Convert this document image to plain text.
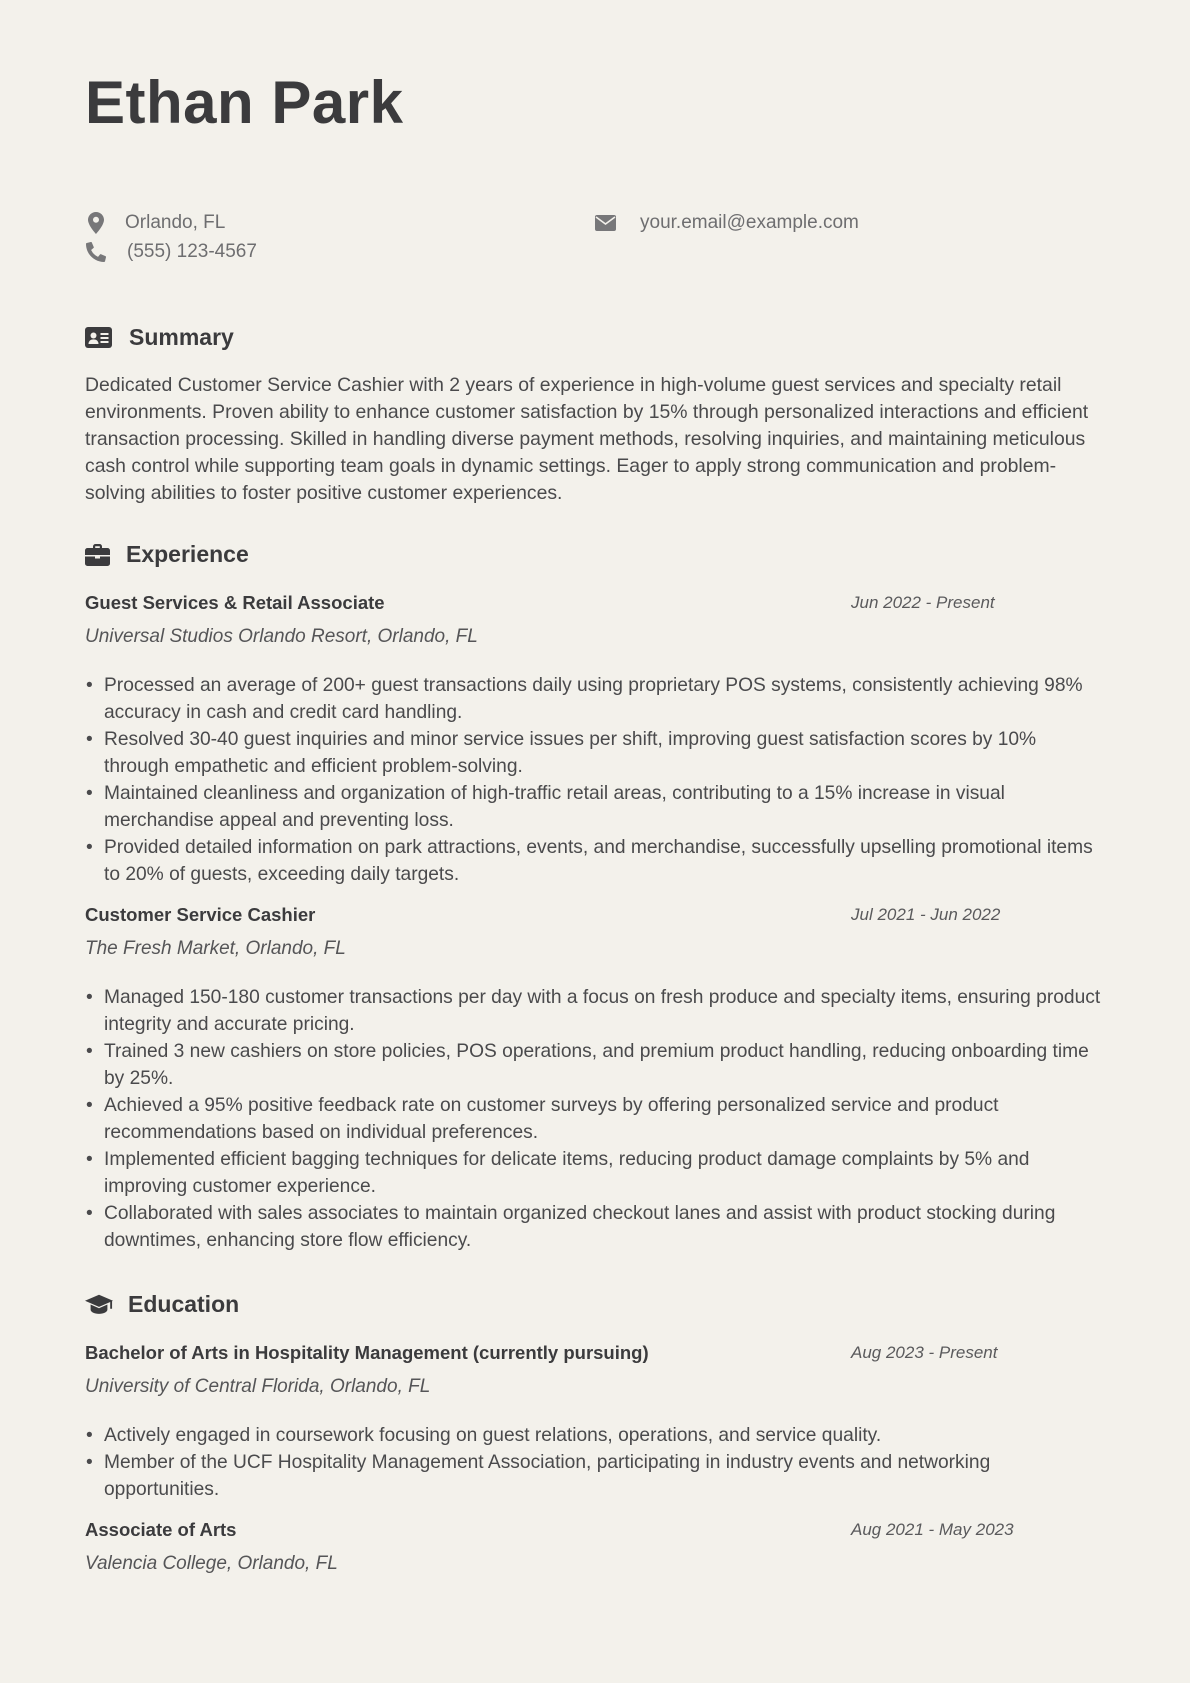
Ethan Park
Orlando, FL
(555) 123-4567
your.email@example.com
Summary

Dedicated Customer Service Cashier with 2 years of experience in high-volume guest services and specialty retail environments. Proven ability to enhance customer satisfaction by 15% through personalized interactions and efficient transaction processing. Skilled in handling diverse payment methods, resolving inquiries, and maintaining meticulous cash control while supporting team goals in dynamic settings. Eager to apply strong communication and problem-solving abilities to foster positive customer experiences.

Experience
Guest Services & Retail Associate	Jun 2022 - Present
Universal Studios Orlando Resort, Orlando, FL
• Processed an average of 200+ guest transactions daily using proprietary POS systems, consistently achieving 98% accuracy in cash and credit card handling.
• Resolved 30-40 guest inquiries and minor service issues per shift, improving guest satisfaction scores by 10% through empathetic and efficient problem-solving.
• Maintained cleanliness and organization of high-traffic retail areas, contributing to a 15% increase in visual merchandise appeal and preventing loss.
• Provided detailed information on park attractions, events, and merchandise, successfully upselling promotional items to 20% of guests, exceeding daily targets.
Customer Service Cashier	Jul 2021 - Jun 2022
The Fresh Market, Orlando, FL
• Managed 150-180 customer transactions per day with a focus on fresh produce and specialty items, ensuring product integrity and accurate pricing.
• Trained 3 new cashiers on store policies, POS operations, and premium product handling, reducing onboarding time by 25%.
• Achieved a 95% positive feedback rate on customer surveys by offering personalized service and product recommendations based on individual preferences.
• Implemented efficient bagging techniques for delicate items, reducing product damage complaints by 5% and improving customer experience.
• Collaborated with sales associates to maintain organized checkout lanes and assist with product stocking during downtimes, enhancing store flow efficiency.
Education
Bachelor of Arts in Hospitality Management (currently pursuing)	Aug 2023 - Present
University of Central Florida, Orlando, FL
• Actively engaged in coursework focusing on guest relations, operations, and service quality.
• Member of the UCF Hospitality Management Association, participating in industry events and networking opportunities.
Associate of Arts	Aug 2021 - May 2023
Valencia College, Orlando, FL
